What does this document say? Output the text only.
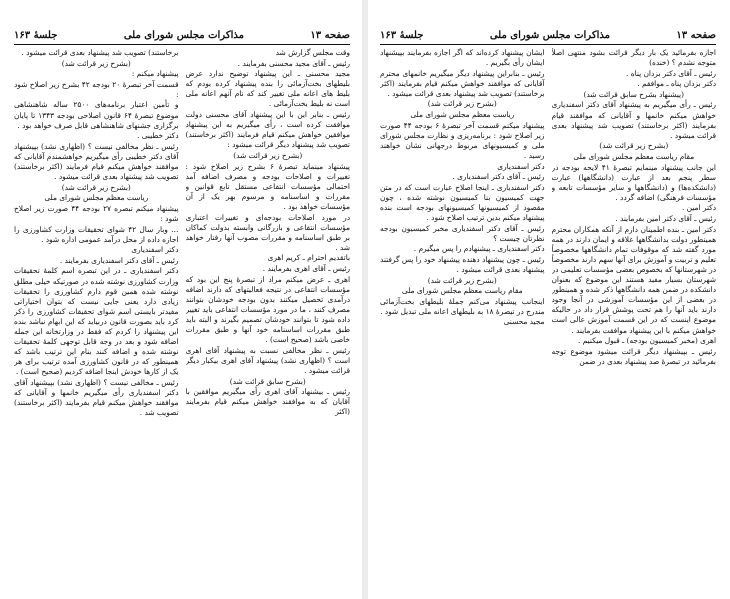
صفحه ۱۳
مذاکرات مجلس شورای ملی
جلسهٔ ۱۶۳

وقت مجلس گزارش شد

رئیس ـ آقای مجید محسنی بفرمایند .

مجید محسنی ـ این پیشنهاد توضیح ندارد عرض بلیطهای بخت‌آزمائی را بنده پیشنهاد کرده بودم که بلیط های اعانه ملی تغییر کند که نام آنهم اعانه ملی است نه بلیط بخت‌آزمائی .

رئیس ـ بنابر این با این پیشنهاد آقای محسنی دولت موافقت کرده است ، رأی میگیریم به این پیشنهاد موافقین خواهش میکنم قیام فرمایند (اکثر برخاستند) تصویب شد پیشنهاد دیگر قرائت میشود :

(بشرح زیر قرائت شد)

پیشنهاد مینماید تبصرهٔ ۶ بشرح زیر اصلاح شود : تغییرات و اصلاحات بودجه و مصرف اضافه آمد احتمالی مؤسسات انتفاعی مستقل تابع قوانین و مقررات و اساسنامه و مرسوم بهر یک از آن مؤسسات خواهد بود .

در مورد اصلاحات بودجه‌ای و تغییرات اعتباری مؤسسات انتفاعی و بازرگانی وابسته بدولت کماکان بر طبق اساسنامه و مقررات مصوب آنها رفتار خواهد شد .

باتقدیم احترام ـ کریم اهری

رئیس ـ آقای اهری بفرمایند .

اهری ـ عرض میکنم مراد از تبصرهٔ پنج این بود که مؤسسات انتفاعی در نتیجه فعالیتهای که دارند اضافه درآمدی تحصیل میکنند بدون بودجه خودشان بتوانند مصرف کنند ، ما در مورد مؤسسات انتفاعی باید تغییر داده شود تا بتوانند خودشان تصمیم بگیرند و البته باید طبق مقررات اساسنامه خود آنها و طبق مقررات خاصی باشد (صحیح است) .

رئیس ـ نظر مخالفی نسبت به پیشنهاد آقای اهری است ؟ (اظهاری نشد) پیشنهاد آقای اهری بیکبار دیگر قرائت میشود .

(بشرح سابق قرائت شد)

رئیس ـ بیشنهاد آقای اهری رأی میگیریم موافقین با آقایان که به موافقند خواهش میکنم قیام بفرمایند (اکثر

برخاستند) تصویب شد پیشنهاد بعدی قرائت میشود .

(بشرح زیر قرائت شد)

پیشنهاد میکنم :

قسمت آخر تبصرهٔ ۲۰ بودجه ۴۲ بشرح زیر اصلاح شود :

و تأمین اعتبار برنامه‌های ۲۵۰۰ ساله شاهنشاهی موضوع تبصرهٔ ۶۴ قانون اصلاحی بودجه ۱۳۴۳ تا پایان برگزاری جشنهای شاهنشاهی قابل صرف خواهد بود .

دکتر خطیبی .

رئیس ـ نظر مخالفی نیست ؟ (اظهاری نشد) بپیشنهاد آقای دکتر خطیبی رأی میگیریم خواهشمندم آقایانی که موافقند خواهش میکنم قیام فرمایند (اکثر برخاستند) تصویب شد پیشنهاد بعدی قرائت میشود .

(بشرح زیر قرائت شد)

ریاست معظم مجلس شورای ملی

پیشنهاد میکنم تبصره ۲۷ بودجه ۴۴ صورت زیر اصلاح شود :

… وبار سال ۴۲ شوای تحقیقات وزارت کشاورزی را اجازه داده از محل درآمد عمومی اداره شود .

دکتر اسفندیاری

رئیس ـ آقای دکتر اسفندیاری بفرمایند .

دکتر اسفندیاری ـ در این تبصره اسم کلمهٔ تحقیقات وزارت کشاورزی نوشته شده در صورتیکه خیلی مطلق نوشته شده همین قوم دارم کشاورزی را تحقیقات زیادی دارد یعنی جایی نیست که بتوان اختیاراتی مفیدتر بایستی اسم شوای تحقیقات کشاورزی را ذکر کرد باید بصورت قانون دربیاید که این ابهام نباشد بنده این پیشنهاد را کردم که فقط در وزارتخانه این جمله اضافه شود و بعد در وجه قابل توجهی کلمهٔ تحقیقات نوشته شده و اضافه کنند بنام این ترتیب باشد که همینطور که در قانون کشاورزی آمده ترتیب برای هر یک از کارها خودش اینجا اضافه کردیم (صحیح است) .

رئیس ـ مخالفی نیست ؟ (اظهاری نشد) بپیشنهاد آقای دکتر اسفندیاری رأی میگیریم خانمها و آقایانی که موافقند خواهش میکنم قیام بفرمایند (اکثر برخاستند) تصویب شد .

صفحه ۱۳
مذاکرات مجلس شورای ملی
جلسهٔ ۱۶۳

اجازه بفرمائید یک بار دیگر قرائت بشود منتهی اصلاً متوجه نشدم ؟ (خنده)

رئیس ـ آقای دکتر بزدان پناه .

دکتر بزدان پناه ـ موافقم .

(پیشنهاد بشرح سابق قرائت شد)

رئیس ـ رأی میگیریم به پیشنهاد آقای دکتر اسفندیاری خواهش میکنم خانمها و آقایانی که موافقند قیام بفرمایند (اکثر برخاستند) تصویب شد پیشنهاد بعدی قرائت میشود .

(بشرح زیر قرائت شد)

مقام ریاست معظم مجلس شورای ملی

این جانب پیشنهاد مینمایم تبصرهٔ ۴۱ لایحه بودجه در سطر پنجم بعد از عبارت (دانشگاهها) عبارت (دانشکده‌ها) و (دانشگاهها و سایر مؤسسات تابعه و مؤسسات فرهنگی) اضافه گردد .

دکتر امین .

رئیس ـ آقای دکتر امین بفرمایند .

دکتر امین ـ بنده اطمینان دارم از آنکه همکاران محترم همینطور دولت بدانشگاهها علاقه و ایمان دارند در همه مورد گفته شد که موقوفات تمام دانشگاهها مخصوصاً تعلیم و تربیت و آموزش برای آنها سهم دارند مخصوصاً در شهرستانها که بخصوص بعضی مؤسسات تعلیمی در شهرستان بسیار مفید هستند این موضوع که بعنوان دانشکده در ضمن همه دانشگاهها ذکر شده و همینطور در بعضی از این مؤسسات آموزشی در آنجا وجود دارند باید آنها را هم تحت پوشش قرار داد در حالیکه موضوع اینست که در این قسمت آموزش عالی است خواهش میکنم با این پیشنهاد موافقت بفرمایند .

اهری (مخبر کمیسیون بودجه) ـ قبول میکنیم .

رئیس ـ بپیشنهاد دیگر قرائت میشود موضوع توجه بفرمائید در تبصرهٔ صد پیشنهاد بعدی در ضمن

ایشان پیشنهاد کرده‌اند که اگر اجازه بفرمایند بپیشنهاد ایشان رأی بگیریم .

رئیس ـ بنابراین پیشنهاد دیگر میگیریم خانمهای محترم آقایانی که موافقند خواهش میکنم قیام بفرمایند (اکثر برخاستند) تصویب شد پیشنهاد بعدی قرائت میشود .

(بشرح زیر قرائت شد)

ریاست معظم مجلس شورای ملی

پیشنهاد میکنم قسمت آخر تبصرهٔ ۶ بودجه ۴۴ صورت زیر اصلاح شود : برنامه‌ریزی و نظارت مجلس شورای ملی و کمیسیونهای مربوط درجهانی نشان خواهند رسید .

دکتر اسفندیاری

رئیس ـ آقای دکتر اسفندیاری .

دکتر اسفندیاری ـ اینجا اصلاح عبارت است که در متن جهت کمیسیون بنا کمیسیون نوشته شده ، چون مقصود از کمیسیونها کمیسیونهای بودجه است بنده پیشنهاد میکنم بدین ترتیب اصلاح شود .

رئیس ـ آقای دکتر اسفندیاری مخبر کمیسیون بودجه نظرتان چیست ؟

دکتر اسفندیاری ـ پیشنهادم را پس میگیرم .

رئیس ـ چون پیشنهاد دهنده پیشنهاد خود را پس گرفتند پیشنهاد بعدی قرائت میشود .

(بشرح زیر قرائت شد)

مقام ریاست معظم مجلس شورای ملی

اینجانب پیشنهاد می‌کنم جملهٔ بلیطهای بخت‌آزمائی مندرج در تبصرهٔ ۱۸ به بلیطهای اعانه ملی تبدیل شود .

مجید محسنی
